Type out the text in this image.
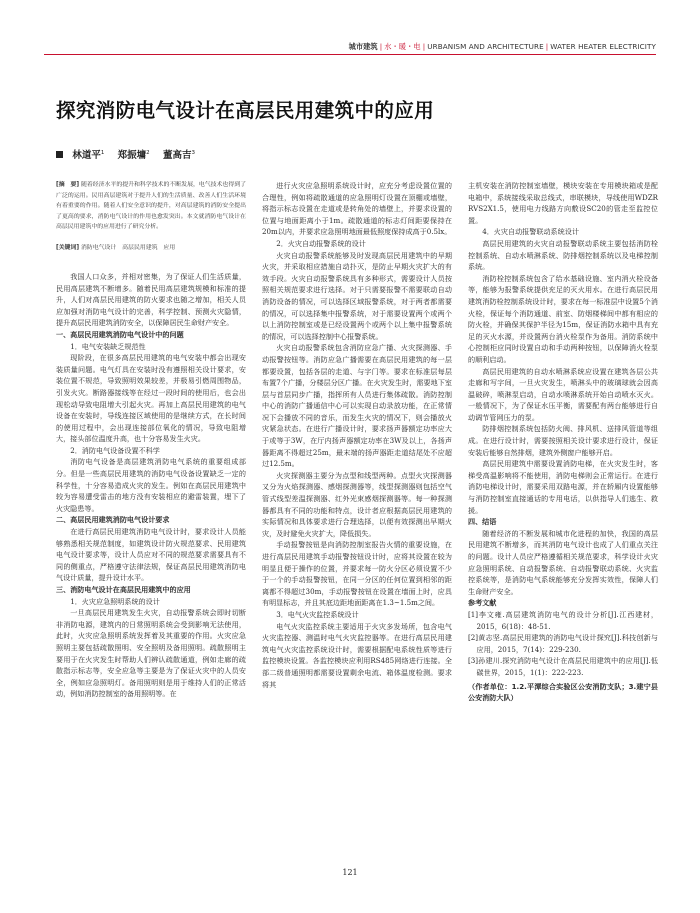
城市建筑 | 水・暖・电 | URBANISM AND ARCHITECTURE | WATER HEATER ELECTRICITY
探究消防电气设计在高层民用建筑中的应用
林道平$^1$ 郑振墉$^2$ 董高吉$^3$
[摘　要] 随着经济水平的提升和科学技术的不断发展，电气技术也得到了广泛的运用。民用高层建筑对于提升人们的生活质量、改善人们生活环境有着重要的作用。随着人们安全意识的提升，对高层建筑的消防安全提出了更高的要求，消防电气设计的作用也愈发突出。本文就消防电气设计在高层民用建筑中的应用进行了研究分析。
[关键词] 消防电气设计　高层民用建筑　应用

我国人口众多，并相对密集，为了保证人们生活质量，民用高层建筑不断增多。随着民用高层建筑规模和标准的提升，人们对高层民用建筑的防火要求也随之增加，相关人员应加强对消防电气设计的完善，科学控制、预测火灾隐情，提升高层民用建筑消防安全，以保障居民生命财产安全。

一、高层民用建筑消防电气设计中的问题

1．电气安装缺乏规范性

现阶段，在很多高层民用建筑的电气安装中都会出现安装质量问题。电气灯具在安装时没有遵照相关设计要求，安装位置不规范，导致照明效果较差，并极易引燃周围物品，引发火灾。断路器接线等在经过一段时间的使用后，也会出现松动导致电阻增大引起火灾。再加上高层民用建筑的电气设备在安装时，导线连接区域使用的是继续方式，在长时间的使用过程中，会出现连接部位氧化的情况，导致电阻增大，接头部位温度升高，也十分容易发生火灾。

2．消防电气设备设置不科学

消防电气设备是高层建筑消防电气系统的重要组成部分。但是一些高层民用建筑的消防电气设备设置缺乏一定的科学性，十分容易造成火灾的发生。例如在高层民用建筑中较为容易遭受雷击的地方没有安装相应的避雷装置，埋下了火灾隐患等。

二、高层民用建筑消防电气设计要求

在进行高层民用建筑消防电气设计时，要求设计人员能够熟悉相关规范制度，如建筑设计防火规范要求、民用建筑电气设计要求等，设计人员应对不同的规范要求需要具有不同的侧重点，严格遵守法律法规，保证高层民用建筑消防电气设计质量，提升设计水平。

三、消防电气设计在高层民用建筑中的应用

1．火灾应急照明系统的设计

一旦高层民用建筑发生火灾，自动报警系统会即时切断非消防电源，建筑内的日常照明系统会受到影响无法使用，此时，火灾应急照明系统发挥着及其重要的作用。火灾应急照明主要包括疏散照明、安全照明及备用照明。疏散照明主要用于在火灾发生时帮助人们辨认疏散通道，例如走廊的疏散指示标志等，安全应急等主要是为了保证火灾中的人员安全，例如应急照明灯。备用照明则是用于维持人们的正常活动，例如消防控制室的备用照明等。在

进行火灾应急照明系统设计时，应充分考虑设置位置的合理性，例如将疏散通道的应急照明灯设置在顶棚或墙壁，将指示标志设置在走道或是转角处的墙壁上，并要求设置的位置与地面距离小于1m。疏散通道的标志灯间距要保持在20m以内，并要求应急照明地面最低照度保持成高于0.5lx。

2．火灾自动报警系统的设计

火灾自动报警系统能够及时发现高层民用建筑中的早期火灾，并采取相应措施自动扑灭，是防止早期火灾扩大的有效手段。火灾自动报警系统具有多种形式，需要设计人员按照相关规范要求进行选择。对于只需要报警不需要联动自动消防设备的情况，可以选择区域报警系统，对于两者都需要的情况，可以选择集中报警系统，对于需要设置两个或两个以上消防控制室或是已经设置两个或两个以上集中报警系统的情况，可以选择控制中心报警系统。

火灾自动报警系统包含消防应急广播、火灾探测器、手动报警按钮等。消防应急广播需要在高层民用建筑的每一层都要设置，包括各层的走道、与字门等。要求在标准层每层布置7个广播，分楼层分区广播。在火灾发生时，需要地下室层与首层同步广播，指挥所有人员进行集体疏散。消防控制中心的消防广播通信中心可以实现自动录放功能，在正常情况下会播放不同的音乐，而发生火灾的情况下，则会播放火灾紧急状态。在进行广播设计时，要求扬声器额定功率应大于或等于3W，在厅内扬声器额定功率在3W及以上，各扬声器距离不得超过25m，最末端的扬声器距走道结尾处不应超过12.5m。

火灾探测器主要分为点型和线型两种。点型火灾探测器又分为火焰探测器、感烟探测器等，线型探测器则包括空气管式线型差温探测器、红外光束感烟探测器等。每一种探测器都具有不同的功能和特点，设计者应根据高层民用建筑的实际情况和具体要求进行合理选择，以便有效探测出早期火灾，及时避免火灾扩大，降低损失。

手动报警按钮是向消防控制室报告火情的重要设施，在进行高层民用建筑手动报警按钮设计时，应将其设置在较为明显且便于操作的位置，并要求每一防火分区必须设置不少于一个的手动报警按钮，在同一分区的任何位置到相邻的距离都不得超过30m，手动报警按钮在设置在墙面上时，应具有明显标志，并且其底边距地面距离在1.3~1.5m之间。

3．电气火灾监控系统设计

电气火灾监控系统主要适用于火灾多发场所，包含电气火灾监控器、测温时电气火灾监控器等。在进行高层民用建筑电气火灾监控系统设计时，需要根据配电系统性质等进行监控模块设置。各监控模块应利用RS485网络进行连接。全部二级普通照明都需要设置剩余电流、箱体温度检测。要求将其

主机安装在消防控制室墙壁，模块安装在专用模块箱或是配电箱中，系统接线采取总线式，串联模块，导线使用WDZR RVS2X1.5，使用电力线路方向敷设SC20的管走至监控位置。

4．火灾自动报警联动系统设计

高层民用建筑的火灾自动报警联动系统主要包括消防栓控制系统、自动水喷淋系统、防排烟控制系统以及电梯控制系统。

消防栓控制系统包含了给水基础设施、室内消火栓设备等，能够为报警系统提供充足的灭火用水。在进行高层民用建筑消防栓控制系统设计时，要求在每一标准层中设置5个消火栓，保证每个消防通道、前室、防烟楼梯间中都有相应的防火栓，并确保其保护半径为15m，保证消防水箱中具有充足的灭火水源，并设置两台消火栓泵作为备用。消防系统中心控制柜应同时设置自动和手动两种按钮，以保障消火栓泵的顺利启动。

高层民用建筑的自动水喷淋系统应设置在建筑各层公共走廊和写字间，一旦火灾发生，喷淋头中的玻璃球就会因高温破碎，喷淋泵启动，自动水喷淋系统开始自动喷水灭火。一般情况下，为了保证水压平衡，需要配有两台能够进行自动调节管网压力的泵。

防排烟控制系统包括防火阀、排风机、送排风管道等组成。在进行设计时，需要按照相关设计要求进行设计，保证安装后能够自然排烟，建筑外侧窗户能够开启。

高层民用建筑中需要设置消防电梯，在火灾发生时，客梯受高温影响将不能使用，消防电梯则会正常运行。在进行消防电梯设计时，需要采用双路电源，并在轿厢内设置能够与消防控制室直接通话的专用电话，以供指导人们逃生、救援。

四、结语

随着经济的不断发展和城市化进程的加快，我国的高层民用建筑不断增多，而其消防电气设计也成了人们重点关注的问题。设计人员应严格遵循相关规范要求，科学设计火灾应急照明系统、自动报警系统、自动报警联动系统、火灾监控系统等，是消防电气系统能够充分发挥实效性，保障人们生命财产安全。

参考文献

[1]李文雍.高层建筑消防电气的设计分析[J].江西建材，2015，6(18)：48-51.

[2]黄志坚.高层民用建筑的消防电气设计探究[J].科技创新与应用，2015，7(14)：229-230.

[3]孙建川.探究消防电气设计在高层民用建筑中的应用[J].低碳世界，2015，1(1)：222-223.

（作者单位：1.2.平潭综合实验区公安消防支队；3.建宁县公安消防大队）

121
